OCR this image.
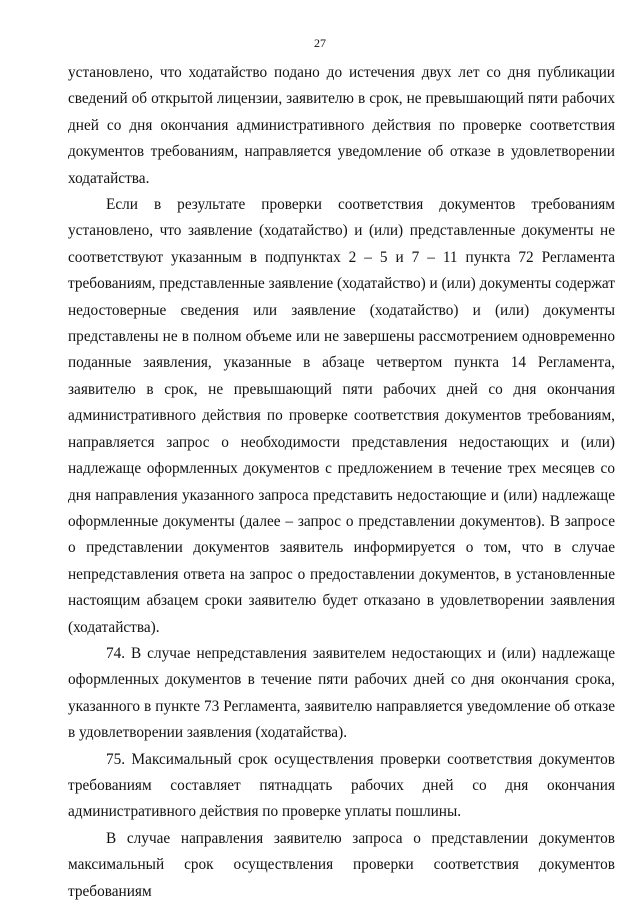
27

установлено, что ходатайство подано до истечения двух лет со дня публикации сведений об открытой лицензии, заявителю в срок, не превышающий пяти рабочих дней со дня окончания административного действия по проверке соответствия документов требованиям, направляется уведомление об отказе в удовлетворении ходатайства.

Если в результате проверки соответствия документов требованиям установлено, что заявление (ходатайство) и (или) представленные документы не соответствуют указанным в подпунктах 2 – 5 и 7 – 11 пункта 72 Регламента требованиям, представленные заявление (ходатайство) и (или) документы содержат недостоверные сведения или заявление (ходатайство) и (или) документы представлены не в полном объеме или не завершены рассмотрением одновременно поданные заявления, указанные в абзаце четвертом пункта 14 Регламента, заявителю в срок, не превышающий пяти рабочих дней со дня окончания административного действия по проверке соответствия документов требованиям, направляется запрос о необходимости представления недостающих и (или) надлежаще оформленных документов с предложением в течение трех месяцев со дня направления указанного запроса представить недостающие и (или) надлежаще оформленные документы (далее – запрос о представлении документов). В запросе о представлении документов заявитель информируется о том, что в случае непредставления ответа на запрос о предоставлении документов, в установленные настоящим абзацем сроки заявителю будет отказано в удовлетворении заявления (ходатайства).

74. В случае непредставления заявителем недостающих и (или) надлежаще оформленных документов в течение пяти рабочих дней со дня окончания срока, указанного в пункте 73 Регламента, заявителю направляется уведомление об отказе в удовлетворении заявления (ходатайства).

75. Максимальный срок осуществления проверки соответствия документов требованиям составляет пятнадцать рабочих дней со дня окончания административного действия по проверке уплаты пошлины.

В случае направления заявителю запроса о представлении документов максимальный срок осуществления проверки соответствия документов требованиям
